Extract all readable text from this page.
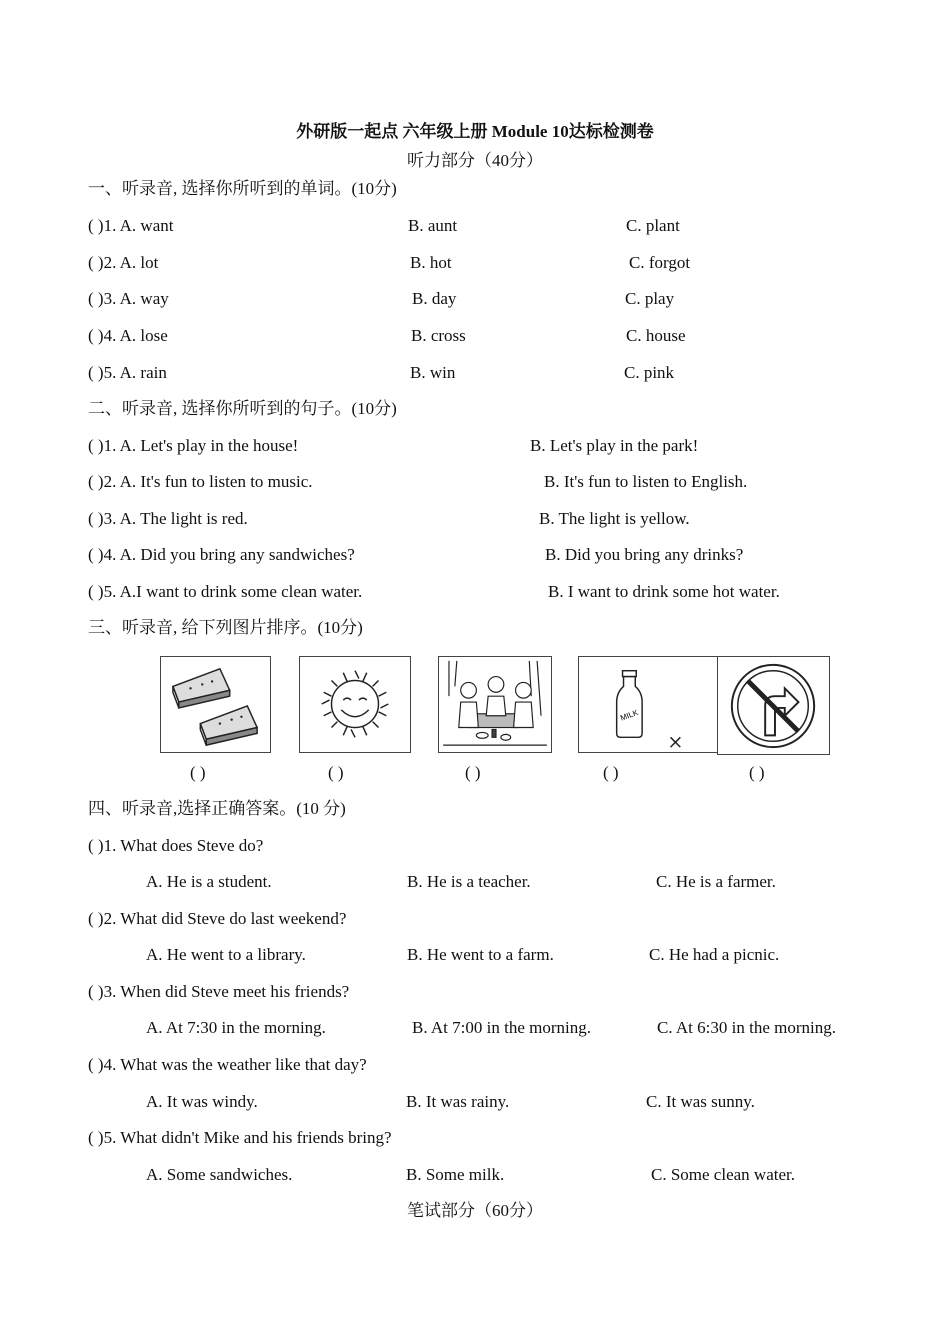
外研版一起点 六年级上册 Module 10达标检测卷
听力部分（40分）
一、听录音, 选择你所听到的单词。(10分)
( )1. A. want	B. aunt	C. plant
( )2. A. lot	B. hot	C. forgot
( )3. A. way	B. day	C. play
( )4. A. lose	B. cross	C. house
( )5. A. rain	B. win	C. pink
二、听录音, 选择你所听到的句子。(10分)
( )1. A. Let's play in the house!	B. Let's play in the park!
( )2. A. It's fun to listen to music.	B. It's fun to listen to English.
( )3. A. The light is red.	B. The light is yellow.
( )4. A. Did you bring any sandwiches?	B. Did you bring any drinks?
( )5. A.I want to drink some clean water.	B. I want to drink some hot water.
三、听录音, 给下列图片排序。(10分)
MILK
( )	( )	( )	( )	( )
四、听录音,选择正确答案。(10 分)
( )1. What does Steve do?
A. He is a student.	B. He is a teacher.	C. He is a farmer.
( )2. What did Steve do last weekend?
A. He went to a library.	B. He went to a farm.	C. He had a picnic.
( )3. When did Steve meet his friends?
A. At 7:30 in the morning.	B. At 7:00 in the morning.	C. At 6:30 in the morning.
( )4. What was the weather like that day?
A. It was windy.	B. It was rainy.	C. It was sunny.
( )5. What didn't Mike and his friends bring?
A. Some sandwiches.	B. Some milk.	C. Some clean water.
笔试部分（60分）
